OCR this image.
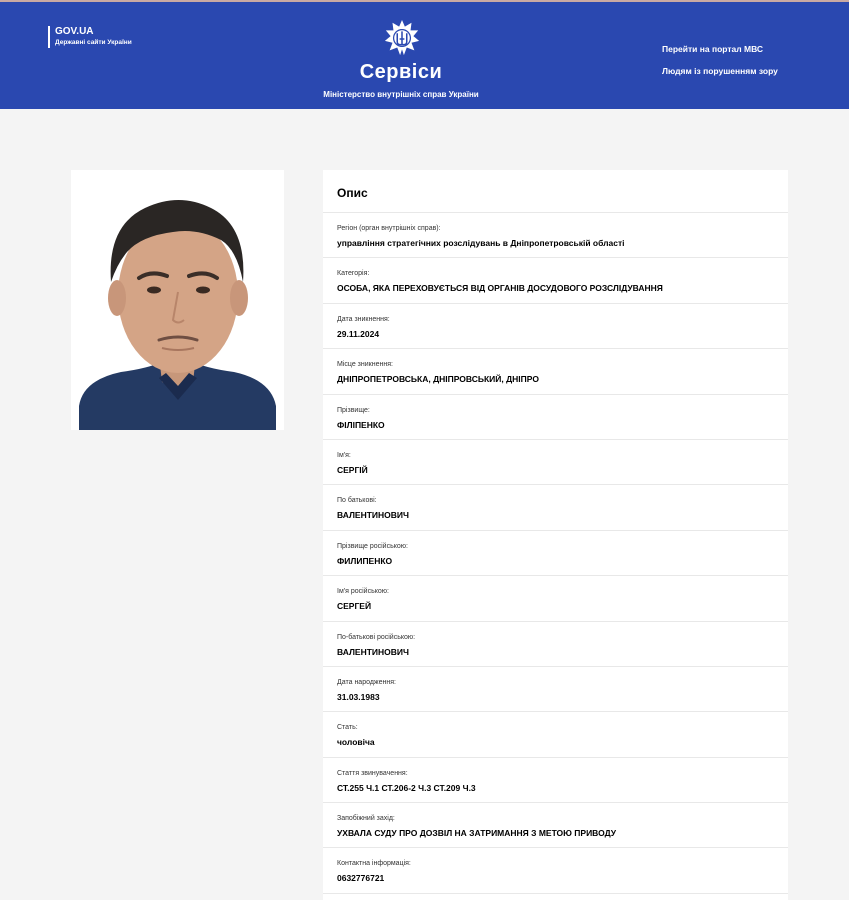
GOV.UA
Державні сайти України
Сервіси
Міністерство внутрішніх справ України
Перейти на портал МВС
Людям із порушенням зору
Опис
Регіон (орган внутрішніх справ):
управління стратегічних розслідувань в Дніпропетровській області
Категорія:
ОСОБА, ЯКА ПЕРЕХОВУЄТЬСЯ ВІД ОРГАНІВ ДОСУДОВОГО РОЗСЛІДУВАННЯ
Дата зникнення:
29.11.2024
Місце зникнення:
ДНІПРОПЕТРОВСЬКА, ДНІПРОВСЬКИЙ, ДНІПРО
Прізвище:
ФІЛІПЕНКО
Ім'я:
СЕРГІЙ
По батькові:
ВАЛЕНТИНОВИЧ
Прізвище російською:
ФИЛИПЕНКО
Ім'я російською:
СЕРГЕЙ
По-батькові російською:
ВАЛЕНТИНОВИЧ
Дата народження:
31.03.1983
Стать:
чоловіча
Стаття звинувачення:
СТ.255 Ч.1 СТ.206-2 Ч.3 СТ.209 Ч.3
Запобіжний захід:
УХВАЛА СУДУ ПРО ДОЗВІЛ НА ЗАТРИМАННЯ З МЕТОЮ ПРИВОДУ
Контактна інформація:
0632776721
